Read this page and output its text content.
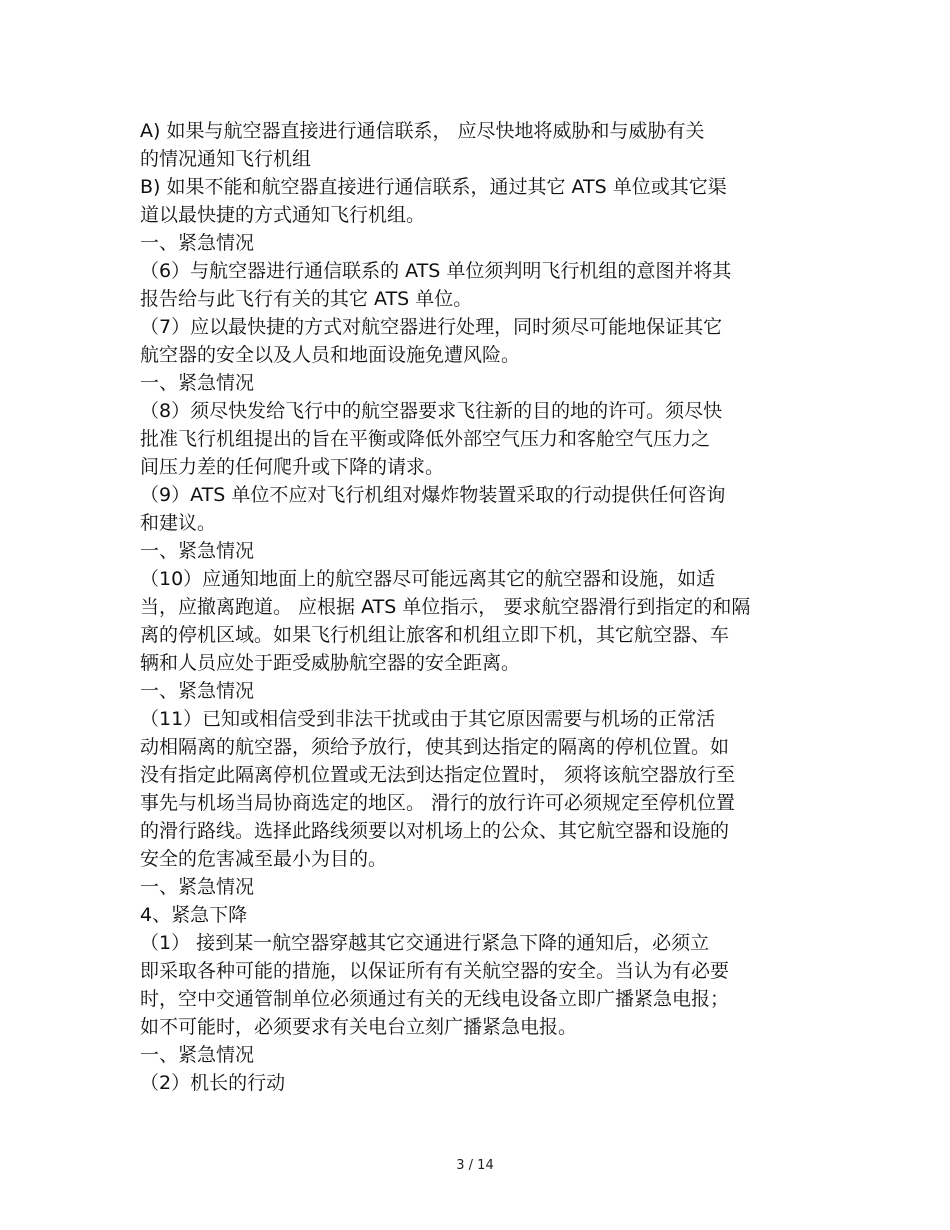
A) 如果与航空器直接进行通信联系， 应尽快地将威胁和与威胁有关
的情况通知飞行机组
B) 如果不能和航空器直接进行通信联系，通过其它 ATS 单位或其它渠
道以最快捷的方式通知飞行机组。
一、紧急情况
（6）与航空器进行通信联系的 ATS 单位须判明飞行机组的意图并将其
报告给与此飞行有关的其它 ATS 单位。
（7）应以最快捷的方式对航空器进行处理，同时须尽可能地保证其它
航空器的安全以及人员和地面设施免遭风险。
一、紧急情况
（8）须尽快发给飞行中的航空器要求飞往新的目的地的许可。须尽快
批准飞行机组提出的旨在平衡或降低外部空气压力和客舱空气压力之
间压力差的任何爬升或下降的请求。
（9）ATS 单位不应对飞行机组对爆炸物装置采取的行动提供任何咨询
和建议。
一、紧急情况
（10）应通知地面上的航空器尽可能远离其它的航空器和设施，如适
当，应撤离跑道。 应根据 ATS 单位指示， 要求航空器滑行到指定的和隔
离的停机区域。如果飞行机组让旅客和机组立即下机，其它航空器、车
辆和人员应处于距受威胁航空器的安全距离。
一、紧急情况
（11）已知或相信受到非法干扰或由于其它原因需要与机场的正常活
动相隔离的航空器，须给予放行，使其到达指定的隔离的停机位置。如
没有指定此隔离停机位置或无法到达指定位置时， 须将该航空器放行至
事先与机场当局协商选定的地区。 滑行的放行许可必须规定至停机位置
的滑行路线。选择此路线须要以对机场上的公众、其它航空器和设施的
安全的危害减至最小为目的。
一、紧急情况
4、紧急下降
（1） 接到某一航空器穿越其它交通进行紧急下降的通知后，必须立
即采取各种可能的措施，以保证所有有关航空器的安全。当认为有必要
时，空中交通管制单位必须通过有关的无线电设备立即广播紧急电报；
如不可能时，必须要求有关电台立刻广播紧急电报。
一、紧急情况
（2）机长的行动
3 / 14
